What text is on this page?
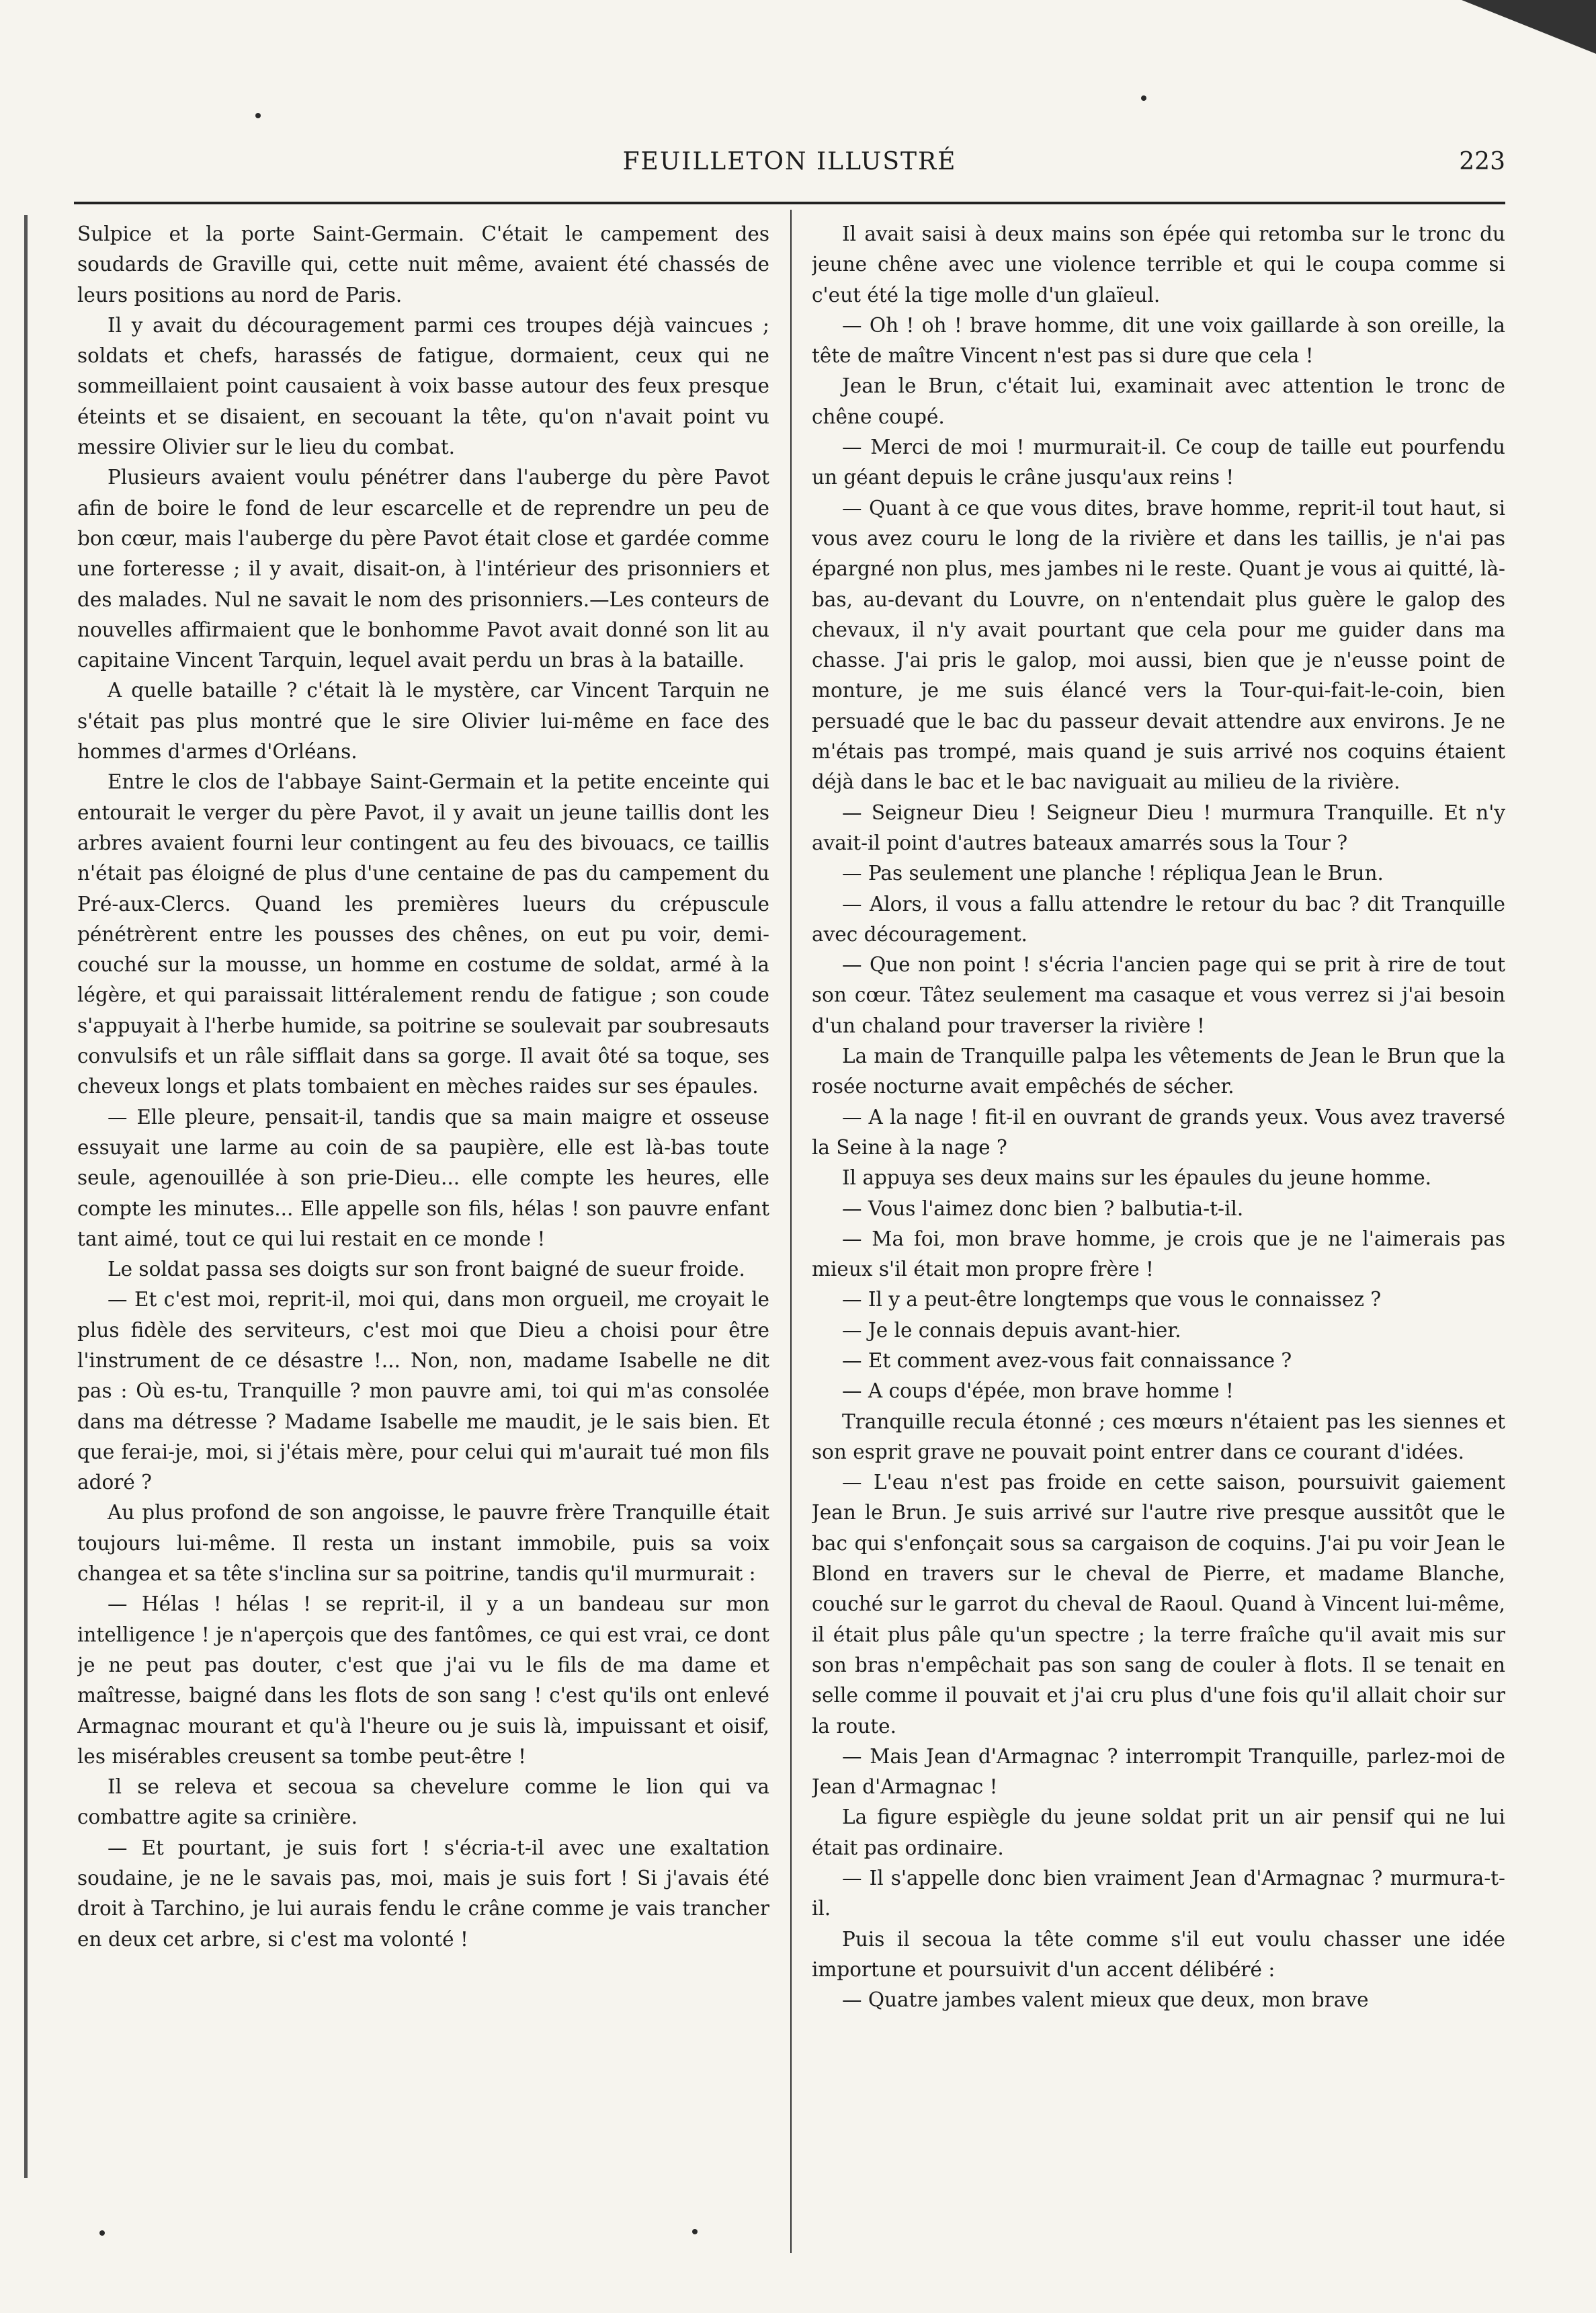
FEUILLETON ILLUSTRÉ	223

Sulpice et la porte Saint-Germain. C'était le campement des soudards de Graville qui, cette nuit même, avaient été chassés de leurs positions au nord de Paris.

Il y avait du découragement parmi ces troupes déjà vaincues ; soldats et chefs, harassés de fatigue, dormaient, ceux qui ne sommeillaient point causaient à voix basse autour des feux presque éteints et se disaient, en secouant la tête, qu'on n'avait point vu messire Olivier sur le lieu du combat.

Plusieurs avaient voulu pénétrer dans l'auberge du père Pavot afin de boire le fond de leur escarcelle et de reprendre un peu de bon cœur, mais l'auberge du père Pavot était close et gardée comme une forteresse ; il y avait, disait-on, à l'intérieur des prisonniers et des malades. Nul ne savait le nom des prisonniers.—Les conteurs de nouvelles affirmaient que le bonhomme Pavot avait donné son lit au capitaine Vincent Tarquin, lequel avait perdu un bras à la bataille.

A quelle bataille ? c'était là le mystère, car Vincent Tarquin ne s'était pas plus montré que le sire Olivier lui-même en face des hommes d'armes d'Orléans.

Entre le clos de l'abbaye Saint-Germain et la petite enceinte qui entourait le verger du père Pavot, il y avait un jeune taillis dont les arbres avaient fourni leur contingent au feu des bivouacs, ce taillis n'était pas éloigné de plus d'une centaine de pas du campement du Pré-aux-Clercs. Quand les premières lueurs du crépuscule pénétrèrent entre les pousses des chênes, on eut pu voir, demi-couché sur la mousse, un homme en costume de soldat, armé à la légère, et qui paraissait littéralement rendu de fatigue ; son coude s'appuyait à l'herbe humide, sa poitrine se soulevait par soubresauts convulsifs et un râle sifflait dans sa gorge. Il avait ôté sa toque, ses cheveux longs et plats tombaient en mèches raides sur ses épaules.

— Elle pleure, pensait-il, tandis que sa main maigre et osseuse essuyait une larme au coin de sa paupière, elle est là-bas toute seule, agenouillée à son prie-Dieu... elle compte les heures, elle compte les minutes... Elle appelle son fils, hélas ! son pauvre enfant tant aimé, tout ce qui lui restait en ce monde !

Le soldat passa ses doigts sur son front baigné de sueur froide.

— Et c'est moi, reprit-il, moi qui, dans mon orgueil, me croyait le plus fidèle des serviteurs, c'est moi que Dieu a choisi pour être l'instrument de ce désastre !... Non, non, madame Isabelle ne dit pas : Où es-tu, Tranquille ? mon pauvre ami, toi qui m'as consolée dans ma détresse ? Madame Isabelle me maudit, je le sais bien. Et que ferai-je, moi, si j'étais mère, pour celui qui m'aurait tué mon fils adoré ?

Au plus profond de son angoisse, le pauvre frère Tranquille était toujours lui-même. Il resta un instant immobile, puis sa voix changea et sa tête s'inclina sur sa poitrine, tandis qu'il murmurait :

— Hélas ! hélas ! se reprit-il, il y a un bandeau sur mon intelligence ! je n'aperçois que des fantômes, ce qui est vrai, ce dont je ne peut pas douter, c'est que j'ai vu le fils de ma dame et maîtresse, baigné dans les flots de son sang ! c'est qu'ils ont enlevé Armagnac mourant et qu'à l'heure ou je suis là, impuissant et oisif, les misérables creusent sa tombe peut-être !

Il se releva et secoua sa chevelure comme le lion qui va combattre agite sa crinière.

— Et pourtant, je suis fort ! s'écria-t-il avec une exaltation soudaine, je ne le savais pas, moi, mais je suis fort ! Si j'avais été droit à Tarchino, je lui aurais fendu le crâne comme je vais trancher en deux cet arbre, si c'est ma volonté !

Il avait saisi à deux mains son épée qui retomba sur le tronc du jeune chêne avec une violence terrible et qui le coupa comme si c'eut été la tige molle d'un glaïeul.

— Oh ! oh ! brave homme, dit une voix gaillarde à son oreille, la tête de maître Vincent n'est pas si dure que cela !

Jean le Brun, c'était lui, examinait avec attention le tronc de chêne coupé.

— Merci de moi ! murmurait-il. Ce coup de taille eut pourfendu un géant depuis le crâne jusqu'aux reins !

— Quant à ce que vous dites, brave homme, reprit-il tout haut, si vous avez couru le long de la rivière et dans les taillis, je n'ai pas épargné non plus, mes jambes ni le reste. Quant je vous ai quitté, là-bas, au-devant du Louvre, on n'entendait plus guère le galop des chevaux, il n'y avait pourtant que cela pour me guider dans ma chasse. J'ai pris le galop, moi aussi, bien que je n'eusse point de monture, je me suis élancé vers la Tour-qui-fait-le-coin, bien persuadé que le bac du passeur devait attendre aux environs. Je ne m'étais pas trompé, mais quand je suis arrivé nos coquins étaient déjà dans le bac et le bac naviguait au milieu de la rivière.

— Seigneur Dieu ! Seigneur Dieu ! murmura Tranquille. Et n'y avait-il point d'autres bateaux amarrés sous la Tour ?

— Pas seulement une planche ! répliqua Jean le Brun.

— Alors, il vous a fallu attendre le retour du bac ? dit Tranquille avec découragement.

— Que non point ! s'écria l'ancien page qui se prit à rire de tout son cœur. Tâtez seulement ma casaque et vous verrez si j'ai besoin d'un chaland pour traverser la rivière !

La main de Tranquille palpa les vêtements de Jean le Brun que la rosée nocturne avait empêchés de sécher.

— A la nage ! fit-il en ouvrant de grands yeux. Vous avez traversé la Seine à la nage ?

Il appuya ses deux mains sur les épaules du jeune homme.

— Vous l'aimez donc bien ? balbutia-t-il.

— Ma foi, mon brave homme, je crois que je ne l'aimerais pas mieux s'il était mon propre frère !

— Il y a peut-être longtemps que vous le connaissez ?

— Je le connais depuis avant-hier.

— Et comment avez-vous fait connaissance ?

— A coups d'épée, mon brave homme !

Tranquille recula étonné ; ces mœurs n'étaient pas les siennes et son esprit grave ne pouvait point entrer dans ce courant d'idées.

— L'eau n'est pas froide en cette saison, poursuivit gaiement Jean le Brun. Je suis arrivé sur l'autre rive presque aussitôt que le bac qui s'enfonçait sous sa cargaison de coquins. J'ai pu voir Jean le Blond en travers sur le cheval de Pierre, et madame Blanche, couché sur le garrot du cheval de Raoul. Quand à Vincent lui-même, il était plus pâle qu'un spectre ; la terre fraîche qu'il avait mis sur son bras n'empêchait pas son sang de couler à flots. Il se tenait en selle comme il pouvait et j'ai cru plus d'une fois qu'il allait choir sur la route.

— Mais Jean d'Armagnac ? interrompit Tranquille, parlez-moi de Jean d'Armagnac !

La figure espiègle du jeune soldat prit un air pensif qui ne lui était pas ordinaire.

— Il s'appelle donc bien vraiment Jean d'Armagnac ? murmura-t-il.

Puis il secoua la tête comme s'il eut voulu chasser une idée importune et poursuivit d'un accent délibéré :

— Quatre jambes valent mieux que deux, mon brave
